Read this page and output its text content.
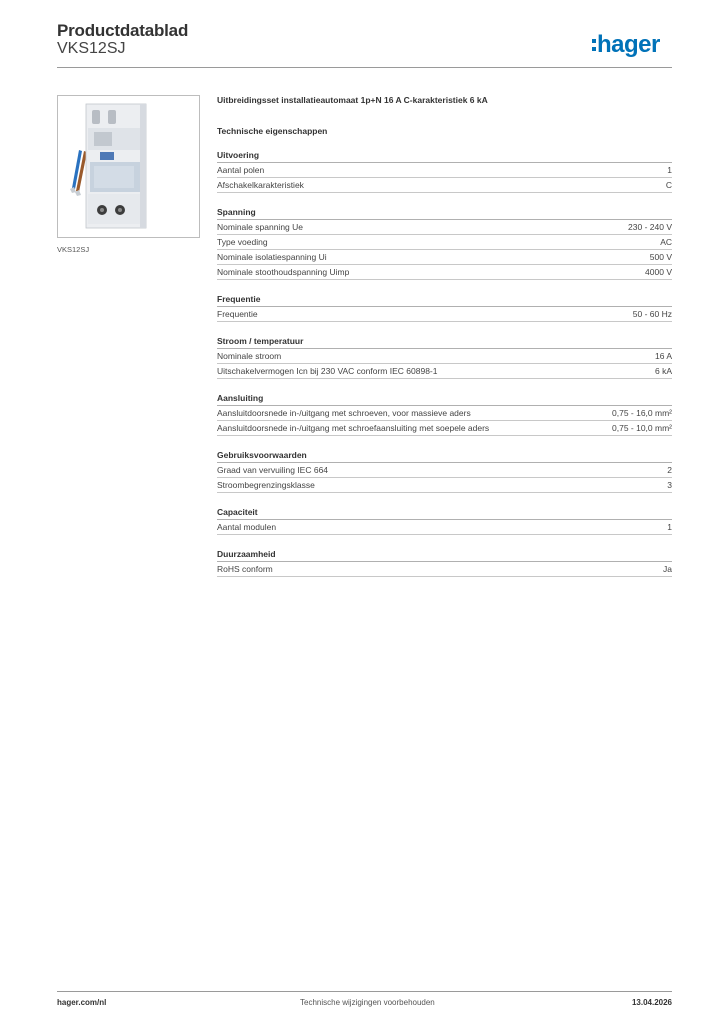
Productdatablad
VKS12SJ	hager
VKS12SJ
Uitbreidingsset installatieautomaat 1p+N 16 A C-karakteristiek 6 kA
Technische eigenschappen
Uitvoering
Aantal polen	1
Afschakelkarakteristiek	C
Spanning
Nominale spanning Ue	230 - 240 V
Type voeding	AC
Nominale isolatiespanning Ui	500 V
Nominale stoothoudspanning Uimp	4000 V
Frequentie
Frequentie	50 - 60 Hz
Stroom / temperatuur
Nominale stroom	16 A
Uitschakelvermogen Icn bij 230 VAC conform IEC 60898-1	6 kA
Aansluiting
Aansluitdoorsnede in-/uitgang met schroeven, voor massieve aders	0,75 - 16,0 mm²
Aansluitdoorsnede in-/uitgang met schroefaansluiting met soepele aders	0,75 - 10,0 mm²
Gebruiksvoorwaarden
Graad van vervuiling IEC 664	2
Stroombegrenzingsklasse	3
Capaciteit
Aantal modulen	1
Duurzaamheid
RoHS conform	Ja
hager.com/nl	Technische wijzigingen voorbehouden	13.04.2026
